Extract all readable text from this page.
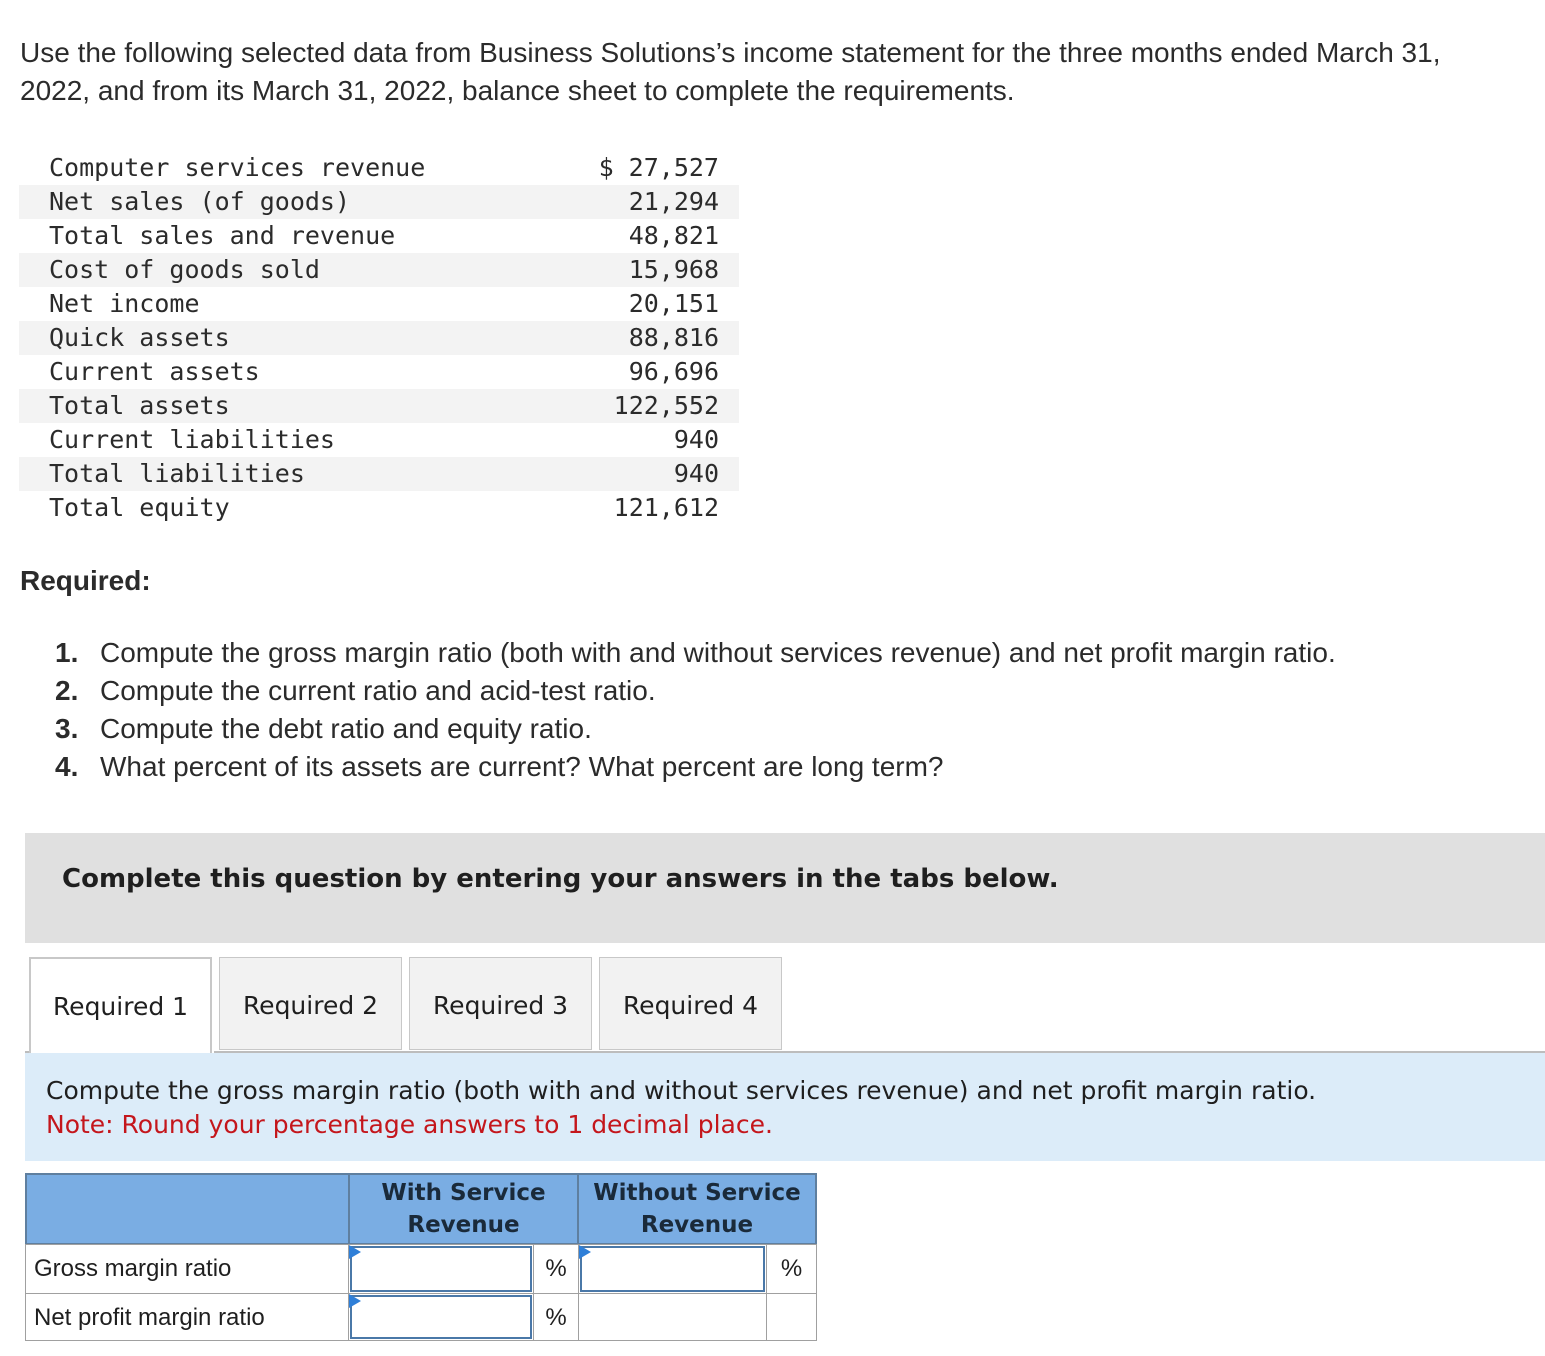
Use the following selected data from Business Solutions’s income statement for the three months ended March 31, 2022, and from its March 31, 2022, balance sheet to complete the requirements.

Computer services revenue	$ 27,527
Net sales (of goods)	21,294
Total sales and revenue	48,821
Cost of goods sold	15,968
Net income	20,151
Quick assets	88,816
Current assets	96,696
Total assets	122,552
Current liabilities	940
Total liabilities	940
Total equity	121,612
Required:
1. Compute the gross margin ratio (both with and without services revenue) and net profit margin ratio.
2. Compute the current ratio and acid-test ratio.
3. Compute the debt ratio and equity ratio.
4. What percent of its assets are current? What percent are long term?
Complete this question by entering your answers in the tabs below.
Required 1	Required 2	Required 3	Required 4
Compute the gross margin ratio (both with and without services revenue) and net profit margin ratio.
Note: Round your percentage answers to 1 decimal place.
With Service
Revenue
Without Service
Revenue
Gross margin ratio	%	%
Net profit margin ratio	%
